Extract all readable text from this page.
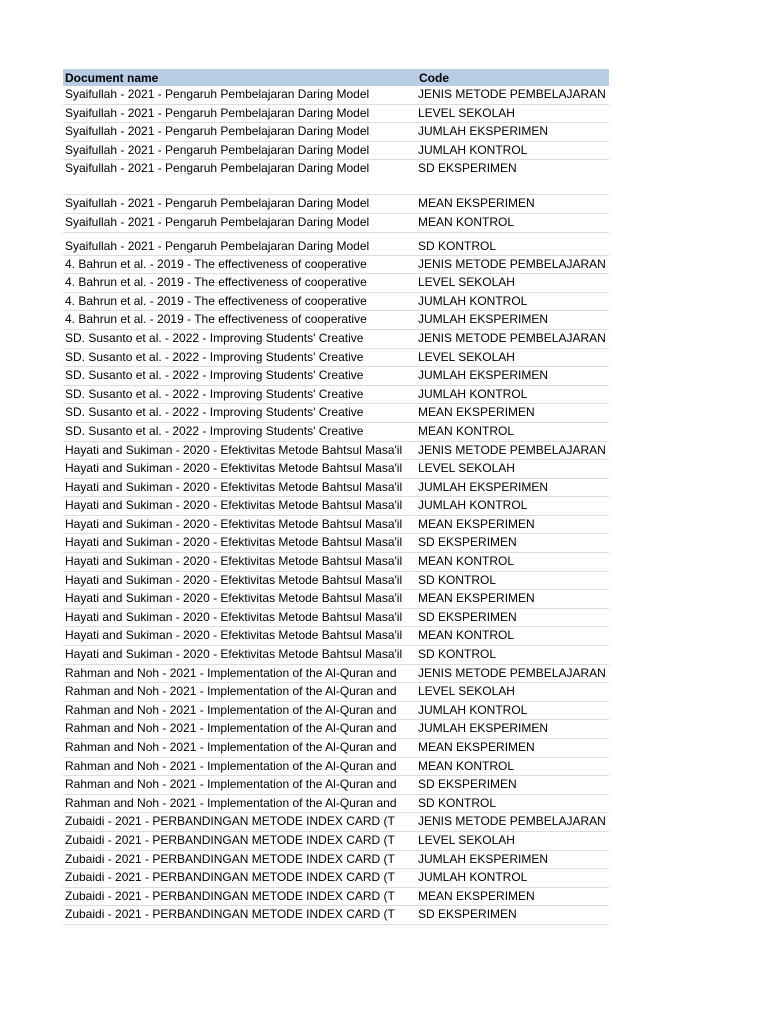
Document name	Code
Syaifullah - 2021 - Pengaruh Pembelajaran Daring Model	JENIS METODE PEMBELAJARAN
Syaifullah - 2021 - Pengaruh Pembelajaran Daring Model	LEVEL SEKOLAH
Syaifullah - 2021 - Pengaruh Pembelajaran Daring Model	JUMLAH EKSPERIMEN
Syaifullah - 2021 - Pengaruh Pembelajaran Daring Model	JUMLAH KONTROL
Syaifullah - 2021 - Pengaruh Pembelajaran Daring Model	SD EKSPERIMEN
Syaifullah - 2021 - Pengaruh Pembelajaran Daring Model	MEAN EKSPERIMEN
Syaifullah - 2021 - Pengaruh Pembelajaran Daring Model	MEAN KONTROL
Syaifullah - 2021 - Pengaruh Pembelajaran Daring Model	SD KONTROL
4. Bahrun et al. - 2019 - The effectiveness of cooperative	JENIS METODE PEMBELAJARAN
4. Bahrun et al. - 2019 - The effectiveness of cooperative	LEVEL SEKOLAH
4. Bahrun et al. - 2019 - The effectiveness of cooperative	JUMLAH KONTROL
4. Bahrun et al. - 2019 - The effectiveness of cooperative	JUMLAH EKSPERIMEN
SD. Susanto et al. - 2022 - Improving Students' Creative	JENIS METODE PEMBELAJARAN
SD. Susanto et al. - 2022 - Improving Students' Creative	LEVEL SEKOLAH
SD. Susanto et al. - 2022 - Improving Students' Creative	JUMLAH EKSPERIMEN
SD. Susanto et al. - 2022 - Improving Students' Creative	JUMLAH KONTROL
SD. Susanto et al. - 2022 - Improving Students' Creative	MEAN EKSPERIMEN
SD. Susanto et al. - 2022 - Improving Students' Creative	MEAN KONTROL
Hayati and Sukiman - 2020 - Efektivitas Metode Bahtsul Masa'il	JENIS METODE PEMBELAJARAN
Hayati and Sukiman - 2020 - Efektivitas Metode Bahtsul Masa'il	LEVEL SEKOLAH
Hayati and Sukiman - 2020 - Efektivitas Metode Bahtsul Masa'il	JUMLAH EKSPERIMEN
Hayati and Sukiman - 2020 - Efektivitas Metode Bahtsul Masa'il	JUMLAH KONTROL
Hayati and Sukiman - 2020 - Efektivitas Metode Bahtsul Masa'il	MEAN EKSPERIMEN
Hayati and Sukiman - 2020 - Efektivitas Metode Bahtsul Masa'il	SD EKSPERIMEN
Hayati and Sukiman - 2020 - Efektivitas Metode Bahtsul Masa'il	MEAN KONTROL
Hayati and Sukiman - 2020 - Efektivitas Metode Bahtsul Masa'il	SD KONTROL
Hayati and Sukiman - 2020 - Efektivitas Metode Bahtsul Masa'il	MEAN EKSPERIMEN
Hayati and Sukiman - 2020 - Efektivitas Metode Bahtsul Masa'il	SD EKSPERIMEN
Hayati and Sukiman - 2020 - Efektivitas Metode Bahtsul Masa'il	MEAN KONTROL
Hayati and Sukiman - 2020 - Efektivitas Metode Bahtsul Masa'il	SD KONTROL
Rahman and Noh - 2021 - Implementation of the Al-Quran and	JENIS METODE PEMBELAJARAN
Rahman and Noh - 2021 - Implementation of the Al-Quran and	LEVEL SEKOLAH
Rahman and Noh - 2021 - Implementation of the Al-Quran and	JUMLAH KONTROL
Rahman and Noh - 2021 - Implementation of the Al-Quran and	JUMLAH EKSPERIMEN
Rahman and Noh - 2021 - Implementation of the Al-Quran and	MEAN EKSPERIMEN
Rahman and Noh - 2021 - Implementation of the Al-Quran and	MEAN KONTROL
Rahman and Noh - 2021 - Implementation of the Al-Quran and	SD EKSPERIMEN
Rahman and Noh - 2021 - Implementation of the Al-Quran and	SD KONTROL
Zubaidi - 2021 - PERBANDINGAN METODE INDEX CARD (T	JENIS METODE PEMBELAJARAN
Zubaidi - 2021 - PERBANDINGAN METODE INDEX CARD (T	LEVEL SEKOLAH
Zubaidi - 2021 - PERBANDINGAN METODE INDEX CARD (T	JUMLAH EKSPERIMEN
Zubaidi - 2021 - PERBANDINGAN METODE INDEX CARD (T	JUMLAH KONTROL
Zubaidi - 2021 - PERBANDINGAN METODE INDEX CARD (T	MEAN EKSPERIMEN
Zubaidi - 2021 - PERBANDINGAN METODE INDEX CARD (T	SD EKSPERIMEN
